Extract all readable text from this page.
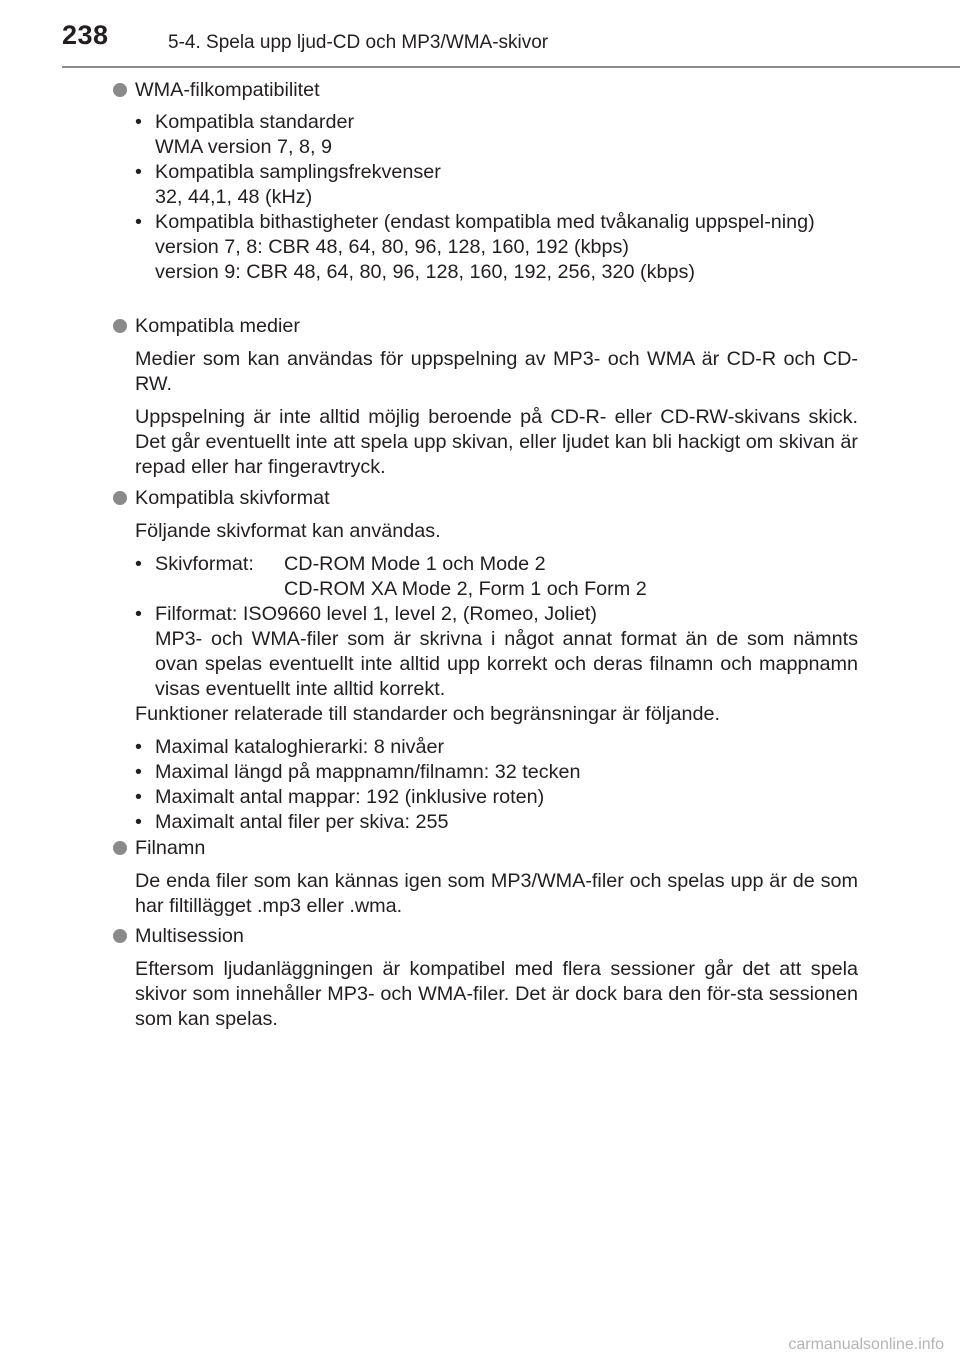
238	5-4. Spela upp ljud-CD och MP3/WMA-skivor
WMA-filkompatibilitet
• Kompatibla standarder
WMA version 7, 8, 9
• Kompatibla samplingsfrekvenser
32, 44,1, 48 (kHz)
• Kompatibla bithastigheter (endast kompatibla med tvåkanalig uppspel-ning)
version 7, 8: CBR 48, 64, 80, 96, 128, 160, 192 (kbps)
version 9: CBR 48, 64, 80, 96, 128, 160, 192, 256, 320 (kbps)
Kompatibla medier

Medier som kan användas för uppspelning av MP3- och WMA är CD-R och CD-RW.

Uppspelning är inte alltid möjlig beroende på CD-R- eller CD-RW-skivans skick. Det går eventuellt inte att spela upp skivan, eller ljudet kan bli hackigt om skivan är repad eller har fingeravtryck.

Kompatibla skivformat

Följande skivformat kan användas.

• Skivformat:	CD-ROM Mode 1 och Mode 2
CD-ROM XA Mode 2, Form 1 och Form 2
• Filformat: ISO9660 level 1, level 2, (Romeo, Joliet)
MP3- och WMA-filer som är skrivna i något annat format än de som nämnts ovan spelas eventuellt inte alltid upp korrekt och deras filnamn och mappnamn visas eventuellt inte alltid korrekt.

Funktioner relaterade till standarder och begränsningar är följande.

• Maximal kataloghierarki: 8 nivåer
• Maximal längd på mappnamn/filnamn: 32 tecken
• Maximalt antal mappar: 192 (inklusive roten)
• Maximalt antal filer per skiva: 255
Filnamn

De enda filer som kan kännas igen som MP3/WMA-filer och spelas upp är de som har filtillägget .mp3 eller .wma.

Multisession

Eftersom ljudanläggningen är kompatibel med flera sessioner går det att spela skivor som innehåller MP3- och WMA-filer. Det är dock bara den för-sta sessionen som kan spelas.

carmanualsonline.info
